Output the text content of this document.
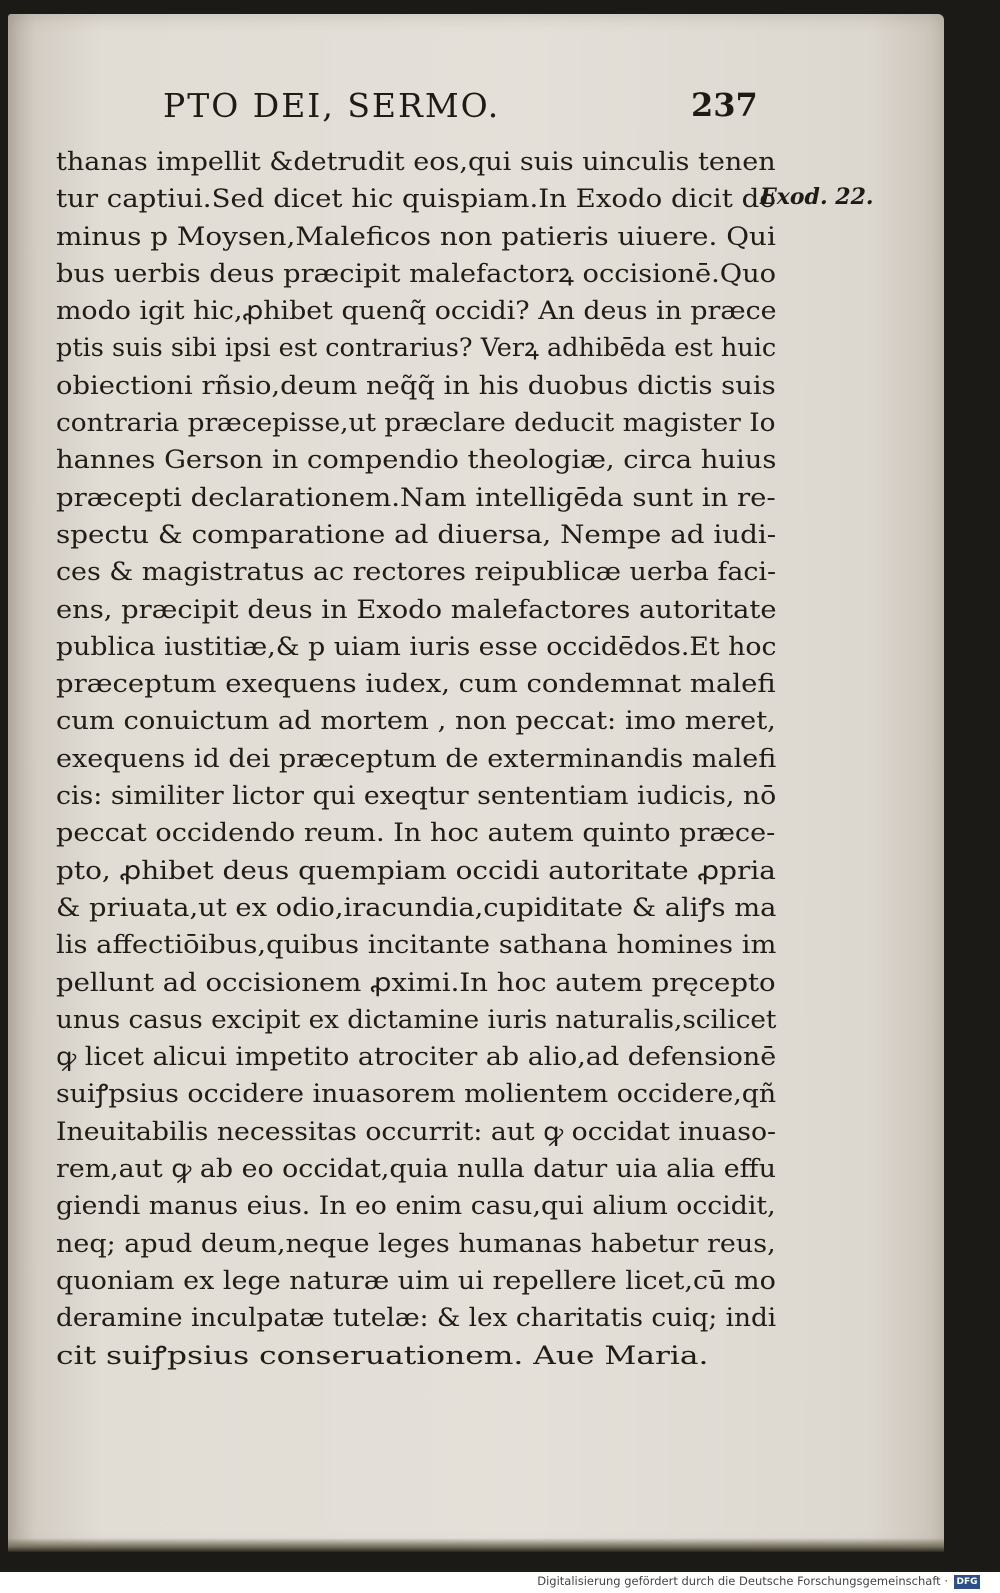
PTO DEI, SERMO.	237
Exod. 22.
thanas impellit &detrudit eos,qui suis uinculis tenen
tur captiui.Sed dicet hic quispiam.In Exodo dicit do
minus p Moysen,Maleficos non patieris uiuere. Qui
bus uerbis deus præcipit malefactorꝝ occisionē.Quo
modo igit hic,ꝓhibet quenq̃ occidi? An deus in præce
ptis suis sibi ipsi est contrarius? Verꝝ adhibēda est huic
obiectioni rñsio,deum neq̃q̃ in his duobus dictis suis
contraria præcepisse,ut præclare deducit magister Io
hannes Gerson in compendio theologiæ, circa huius
præcepti declarationem.Nam intelligēda sunt in re-
spectu & comparatione ad diuersa, Nempe ad iudi-
ces & magistratus ac rectores reipublicæ uerba faci-
ens, præcipit deus in Exodo malefactores autoritate
publica iustitiæ,& p uiam iuris esse occidēdos.Et hoc
præceptum exequens iudex, cum condemnat malefi
cum conuictum ad mortem , non peccat: imo meret,
exequens id dei præceptum de exterminandis malefi
cis: similiter lictor qui exeqtur sententiam iudicis, nō
peccat occidendo reum. In hoc autem quinto præce-
pto, ꝓhibet deus quempiam occidi autoritate ꝓpria
& priuata,ut ex odio,iracundia,cupiditate & aliꝭs ma
lis affectiōibus,quibus incitante sathana homines im
pellunt ad occisionem ꝓximi.In hoc autem pręcepto
unus casus excipit ex dictamine iuris naturalis,scilicet
ꝙ licet alicui impetito atrociter ab alio,ad defensionē
suiꝭpsius occidere inuasorem molientem occidere,qñ
Ineuitabilis necessitas occurrit: aut ꝙ occidat inuaso-
rem,aut ꝙ ab eo occidat,quia nulla datur uia alia effu
giendi manus eius. In eo enim casu,qui alium occidit,
neq; apud deum,neque leges humanas habetur reus,
quoniam ex lege naturæ uim ui repellere licet,cū mo
deramine inculpatæ tutelæ: & lex charitatis cuiq; indi
cit suiꝭpsius conseruationem. Aue Maria.
Digitalisierung gefördert durch die Deutsche Forschungsgemeinschaft · DFG
